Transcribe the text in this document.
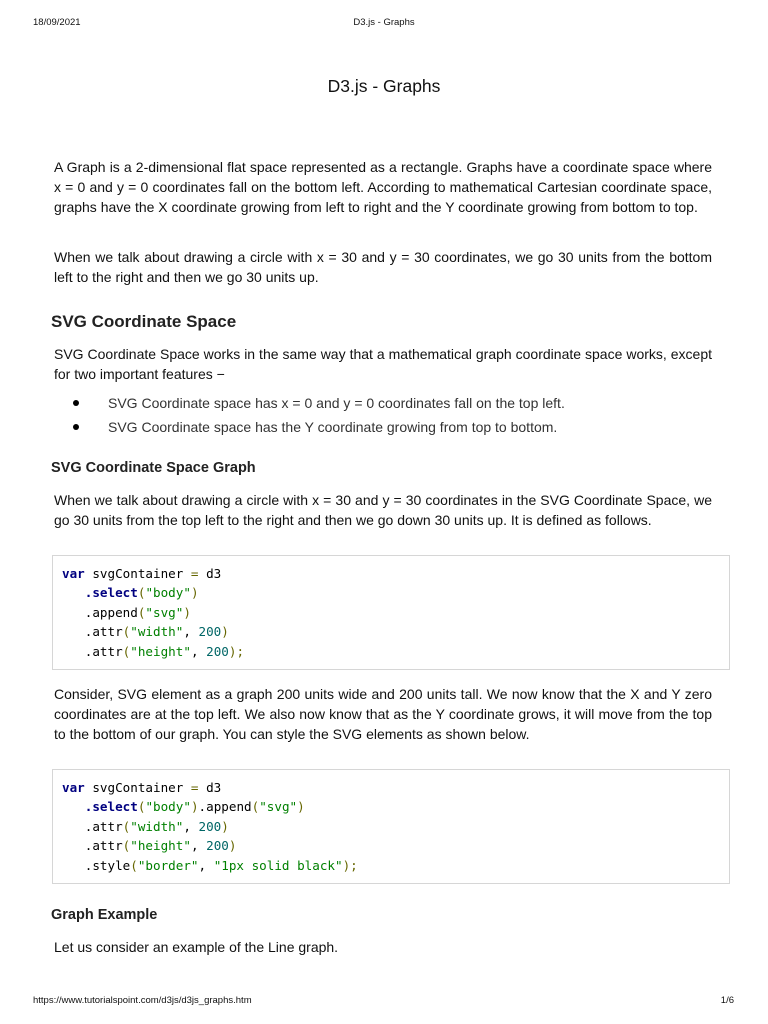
18/09/2021	D3.js - Graphs
D3.js - Graphs

A Graph is a 2-dimensional flat space represented as a rectangle. Graphs have a coordinate space where x = 0 and y = 0 coordinates fall on the bottom left. According to mathematical Cartesian coordinate space, graphs have the X coordinate growing from left to right and the Y coordinate growing from bottom to top.

When we talk about drawing a circle with x = 30 and y = 30 coordinates, we go 30 units from the bottom left to the right and then we go 30 units up.

SVG Coordinate Space

SVG Coordinate Space works in the same way that a mathematical graph coordinate space works, except for two important features −

SVG Coordinate space has x = 0 and y = 0 coordinates fall on the top left.
SVG Coordinate space has the Y coordinate growing from top to bottom.
SVG Coordinate Space Graph

When we talk about drawing a circle with x = 30 and y = 30 coordinates in the SVG Coordinate Space, we go 30 units from the top left to the right and then we go down 30 units up. It is defined as follows.

var svgContainer = d3
.select("body")
.append("svg")
.attr("width", 200)
.attr("height", 200);

Consider, SVG element as a graph 200 units wide and 200 units tall. We now know that the X and Y zero coordinates are at the top left. We also now know that as the Y coordinate grows, it will move from the top to the bottom of our graph. You can style the SVG elements as shown below.

var svgContainer = d3
.select("body").append("svg")
.attr("width", 200)
.attr("height", 200)
.style("border", "1px solid black");
Graph Example

Let us consider an example of the Line graph.

https://www.tutorialspoint.com/d3js/d3js_graphs.htm	1/6
